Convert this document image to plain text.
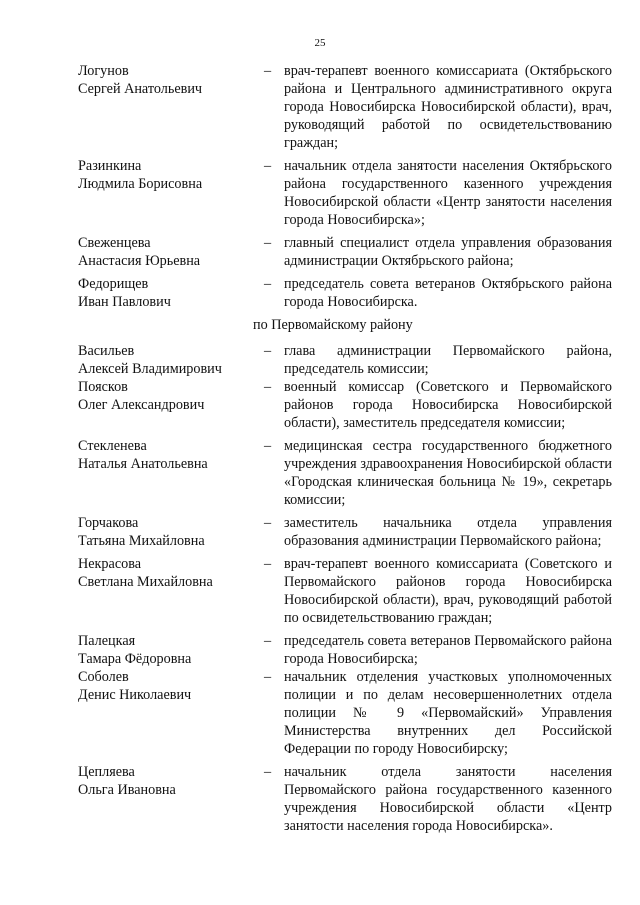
25
Логунов
Сергей Анатольевич
– врач-терапевт военного комиссариата (Октябрьского района и Центрального административного округа города Новосибирска Новосибирской области), врач, руководящий работой по освидетельствованию граждан;
Разинкина
Людмила Борисовна
– начальник отдела занятости населения Октябрьского района государственного казенного учреждения Новосибирской области «Центр занятости населения города Новосибирска»;
Свеженцева
Анастасия Юрьевна
– главный специалист отдела управления образования администрации Октябрьского района;
Федорищев
Иван Павлович
– председатель совета ветеранов Октябрьского района города Новосибирска.
по Первомайскому району
Васильев
Алексей Владимирович
– глава администрации Первомайского района, председатель комиссии;
Поясков
Олег Александрович
– военный комиссар (Советского и Первомайского районов города Новосибирска Новосибирской области), заместитель председателя комиссии;
Стекленева
Наталья Анатольевна
– медицинская сестра государственного бюджетного учреждения здравоохранения Новосибирской области «Городская клиническая больница № 19», секретарь комиссии;
Горчакова
Татьяна Михайловна
– заместитель начальника отдела управления образования администрации Первомайского района;
Некрасова
Светлана Михайловна
– врач-терапевт военного комиссариата (Советского и Первомайского районов города Новосибирска Новосибирской области), врач, руководящий работой по освидетельствованию граждан;
Палецкая
Тамара Фёдоровна
– председатель совета ветеранов Первомайского района города Новосибирска;
Соболев
Денис Николаевич
– начальник отделения участковых уполномоченных полиции и по делам несовершеннолетних отдела полиции № 9 «Первомайский» Управления Министерства внутренних дел Российской Федерации по городу Новосибирску;
Цепляева
Ольга Ивановна
– начальник отдела занятости населения Первомайского района государственного казенного учреждения Новосибирской области «Центр занятости населения города Новосибирска».
